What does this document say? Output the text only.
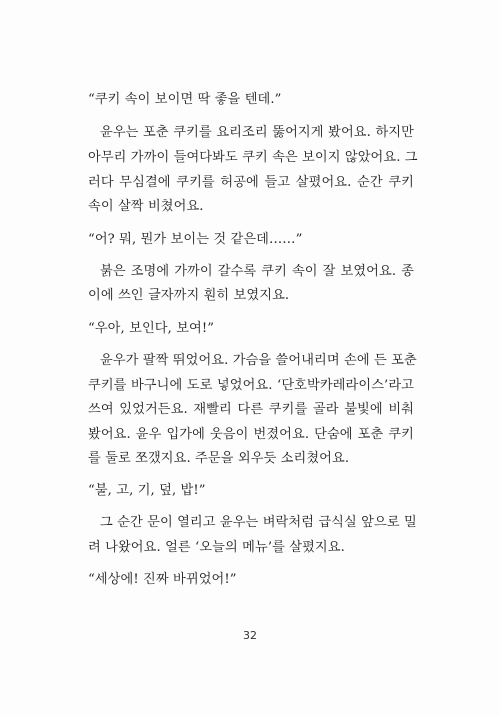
“쿠키 속이 보이면 딱 좋을 텐데.”
윤우는 포춘 쿠키를 요리조리 뚫어지게 봤어요. 하지만
아무리 가까이 들여다봐도 쿠키 속은 보이지 않았어요. 그
러다 무심결에 쿠키를 허공에 들고 살폈어요. 순간 쿠키
속이 살짝 비쳤어요.
“어? 뭐, 뭔가 보이는 것 같은데……”
붉은 조명에 가까이 갈수록 쿠키 속이 잘 보였어요. 종
이에 쓰인 글자까지 훤히 보였지요.
“우아, 보인다, 보여!”
윤우가 팔짝 뛰었어요. 가슴을 쓸어내리며 손에 든 포춘
쿠키를 바구니에 도로 넣었어요. ‘단호박카레라이스’라고
쓰여 있었거든요. 재빨리 다른 쿠키를 골라 불빛에 비춰
봤어요. 윤우 입가에 웃음이 번졌어요. 단숨에 포춘 쿠키
를 둘로 쪼갰지요. 주문을 외우듯 소리쳤어요.
“불, 고, 기, 덮, 밥!”
그 순간 문이 열리고 윤우는 벼락처럼 급식실 앞으로 밀
려 나왔어요. 얼른 ‘오늘의 메뉴’를 살폈지요.
“세상에! 진짜 바뀌었어!”
32
